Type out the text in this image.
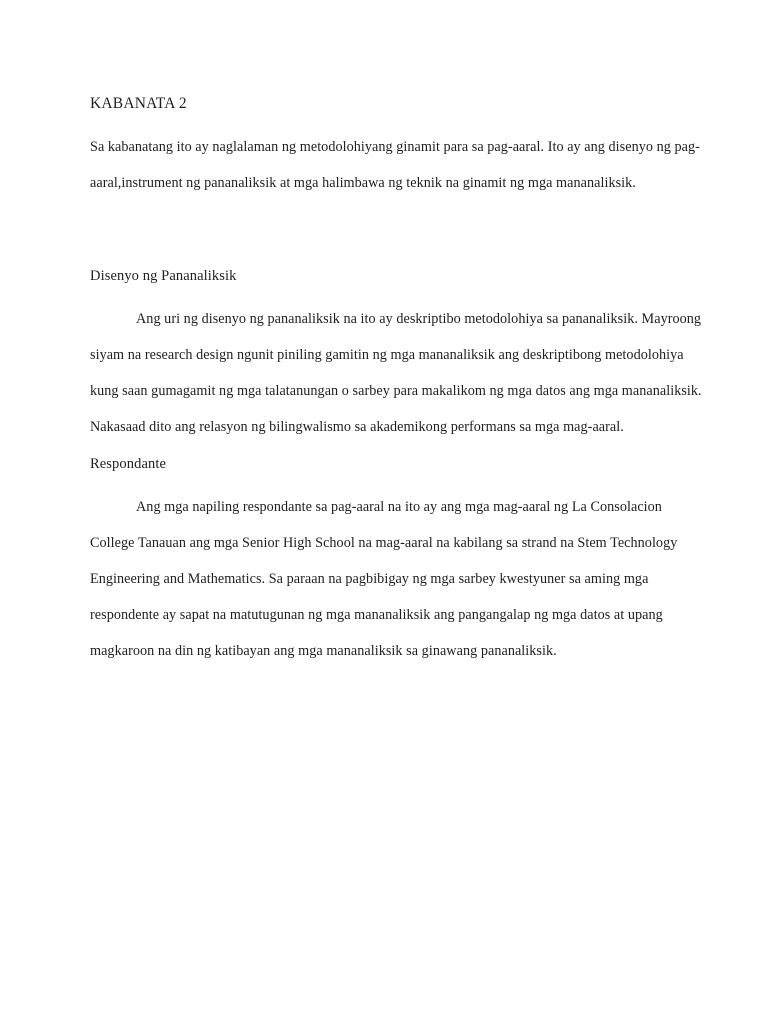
KABANATA 2

Sa kabanatang ito ay naglalaman ng metodolohiyang ginamit para sa pag-aaral. Ito ay ang disenyo ng pag-aaral,instrument ng pananaliksik at mga halimbawa ng teknik na ginamit ng mga mananaliksik.

Disenyo ng Pananaliksik

Ang uri ng disenyo ng pananaliksik na ito ay deskriptibo metodolohiya sa pananaliksik. Mayroong siyam na research design ngunit piniling gamitin ng mga mananaliksik ang deskriptibong metodolohiya kung saan gumagamit ng mga talatanungan o sarbey para makalikom ng mga datos ang mga mananaliksik. Nakasaad dito ang relasyon ng bilingwalismo sa akademikong performans sa mga mag-aaral.

Respondante

Ang mga napiling respondante sa pag-aaral na ito ay ang mga mag-aaral ng La Consolacion College Tanauan ang mga Senior High School na mag-aaral na kabilang sa strand na Stem Technology Engineering and Mathematics. Sa paraan na pagbibigay ng mga sarbey kwestyuner sa aming mga respondente ay sapat na matutugunan ng mga mananaliksik ang pangangalap ng mga datos at upang magkaroon na din ng katibayan ang mga mananaliksik sa ginawang pananaliksik.
